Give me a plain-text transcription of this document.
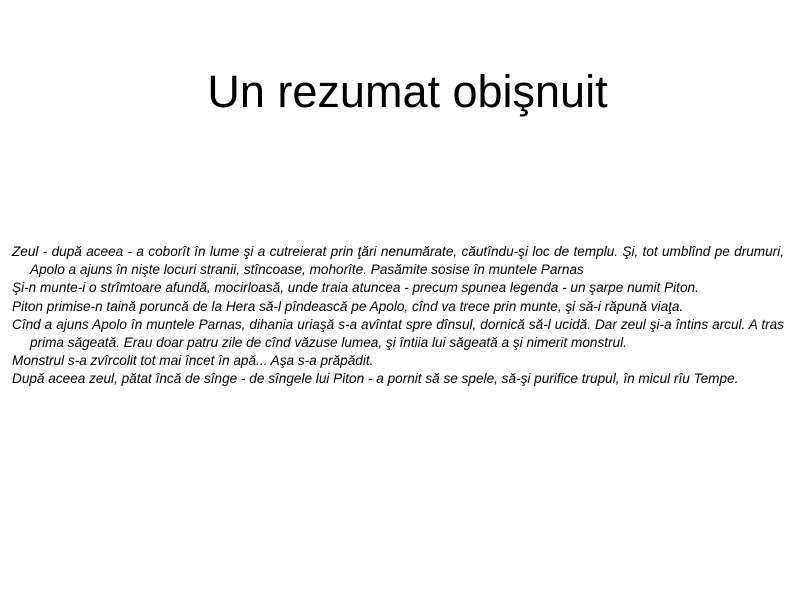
Un rezumat obişnuit

Zeul - după aceea - a coborît în lume şi a cutreierat prin ţări nenumărate, căutîndu-şi loc de templu. Şi, tot umblînd pe drumuri, Apolo a ajuns în nişte locuri stranii, stîncoase, mohorîte. Pasămite sosise în muntele Parnas

Şi-n munte-i o strîmtoare afundă, mocirloasă, unde traia atuncea - precum spunea legenda - un şarpe numit Piton.

Piton primise-n taină poruncă de la Hera să-l pîndească pe Apolo, cînd va trece prin munte, şi să-i răpună viaţa.

Cînd a ajuns Apolo în muntele Parnas, dihania uriaşă s-a avîntat spre dînsul, dornică să-l ucidă. Dar zeul şi-a întins arcul. A tras prima săgeată. Erau doar patru zile de cînd văzuse lumea, şi întiia lui săgeată a şi nimerit monstrul.

Monstrul s-a zvîrcolit tot mai încet în apă... Aşa s-a prăpădit.

După aceea zeul, pătat încă de sînge - de sîngele lui Piton - a pornit să se spele, să-şi purifice trupul, în micul rîu Tempe.
